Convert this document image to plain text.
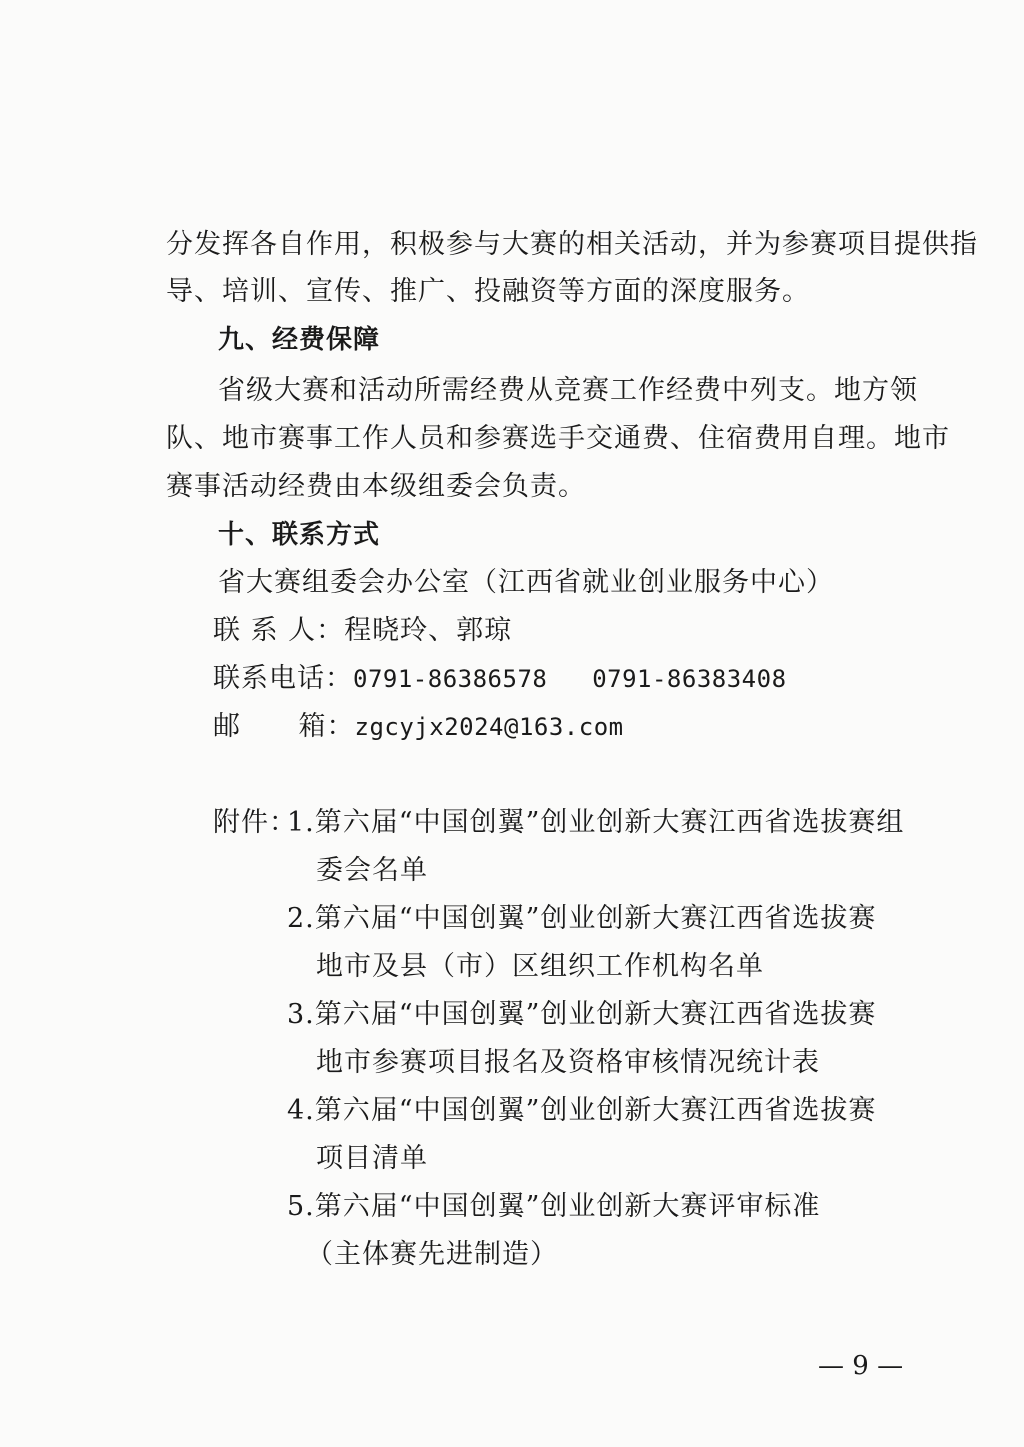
分发挥各自作用，积极参与大赛的相关活动，并为参赛项目提供指
导、培训、宣传、推广、投融资等方面的深度服务。
九、经费保障
省级大赛和活动所需经费从竞赛工作经费中列支。地方领
队、地市赛事工作人员和参赛选手交通费、住宿费用自理。地市
赛事活动经费由本级组委会负责。
十、联系方式
省大赛组委会办公室（江西省就业创业服务中心）
联 系 人：程晓玲、郭琼
联系电话：0791-86386578   0791-86383408
邮      箱：zgcyjx2024@163.com
附件：
1.第六届“中国创翼”创业创新大赛江西省选拔赛组
委会名单
2.第六届“中国创翼”创业创新大赛江西省选拔赛
地市及县（市）区组织工作机构名单
3.第六届“中国创翼”创业创新大赛江西省选拔赛
地市参赛项目报名及资格审核情况统计表
4.第六届“中国创翼”创业创新大赛江西省选拔赛
项目清单
5.第六届“中国创翼”创业创新大赛评审标准
（主体赛先进制造）
— 9 —
